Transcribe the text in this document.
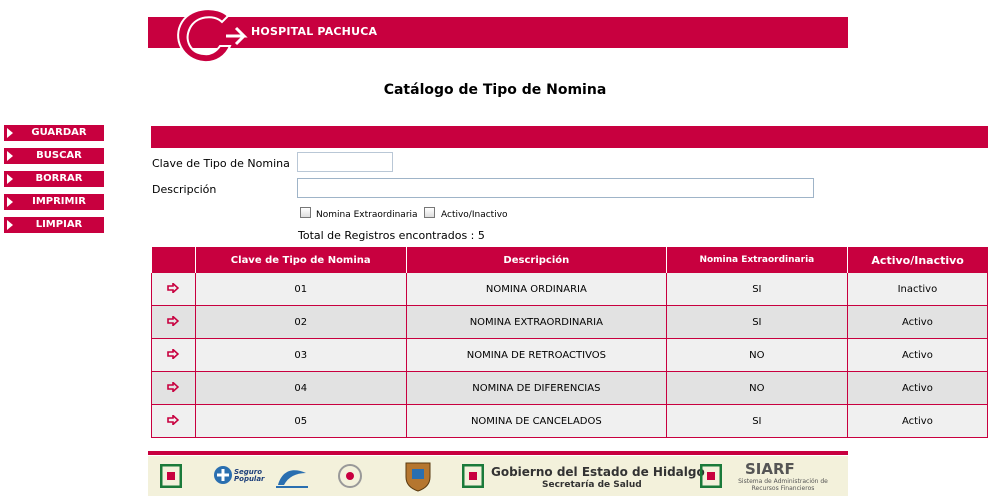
HOSPITAL PACHUCA
Catálogo de Tipo de Nomina
GUARDAR
BUSCAR
BORRAR
IMPRIMIR
LIMPIAR
Clave de Tipo de Nomina
Descripción
Nomina Extraordinaria	Activo/Inactivo
Total de Registros encontrados : 5
	Clave de Tipo de Nomina	Descripción	Nomina Extraordinaria	Activo/Inactivo
	01	NOMINA ORDINARIA	SI	Inactivo
	02	NOMINA EXTRAORDINARIA	SI	Activo
	03	NOMINA DE RETROACTIVOS	NO	Activo
	04	NOMINA DE DIFERENCIAS	NO	Activo
	05	NOMINA DE CANCELADOS	SI	Activo
Seguro Popular	Gobierno del Estado de Hidalgo
Secretaría de Salud
SIARF
Sistema de Administración de Recursos Financieros
